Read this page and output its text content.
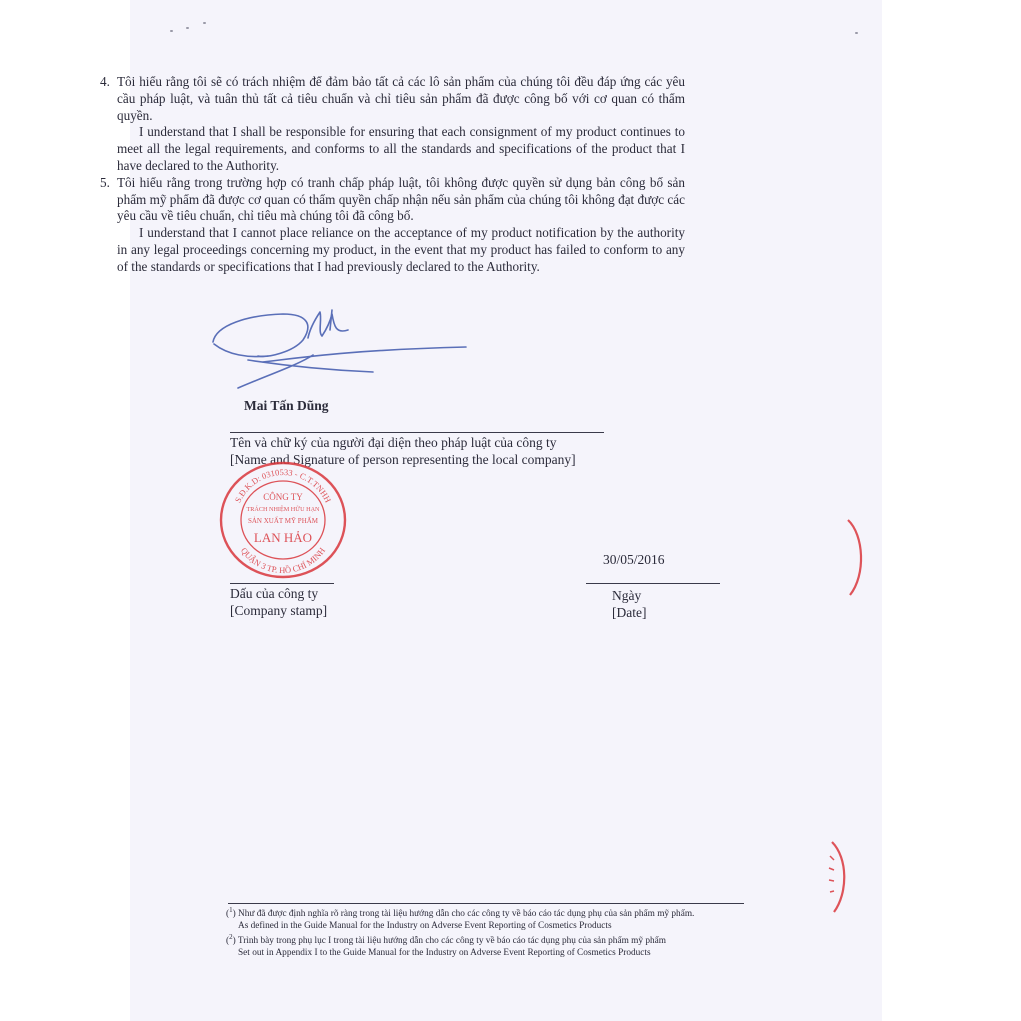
4. Tôi hiểu rằng tôi sẽ có trách nhiệm để đảm bảo tất cả các lô sản phẩm của chúng tôi đều đáp ứng các yêu cầu pháp luật, và tuân thủ tất cả tiêu chuẩn và chỉ tiêu sản phẩm đã được công bố với cơ quan có thẩm quyền.
I understand that I shall be responsible for ensuring that each consignment of my product continues to meet all the legal requirements, and conforms to all the standards and specifications of the product that I have declared to the Authority.
5. Tôi hiểu rằng trong trường hợp có tranh chấp pháp luật, tôi không được quyền sử dụng bản công bố sản phẩm mỹ phẩm đã được cơ quan có thẩm quyền chấp nhận nếu sản phẩm của chúng tôi không đạt được các yêu cầu về tiêu chuẩn, chỉ tiêu mà chúng tôi đã công bố.
I understand that I cannot place reliance on the acceptance of my product notification by the authority in any legal proceedings concerning my product, in the event that my product has failed to conform to any of the standards or specifications that I had previously declared to the Authority.
Mai Tấn Dũng
Tên và chữ ký của người đại diện theo pháp luật của công ty
[Name and Signature of person representing the local company]
S.Đ.K.D: 0310533 - C.T.TNHH
QUẬN 3 TP. HỒ CHÍ MINH
CÔNG TY
TRÁCH NHIỆM HỮU HẠN
SẢN XUẤT MỸ PHẨM
LAN HẢO
Dấu của công ty
[Company stamp]
30/05/2016
Ngày
[Date]
($^1$) Như đã được định nghĩa rõ ràng trong tài liệu hướng dẫn cho các công ty về báo cáo tác dụng phụ của sản phẩm mỹ phẩm.
As defined in the Guide Manual for the Industry on Adverse Event Reporting of Cosmetics Products
($^2$) Trình bày trong phụ lục I trong tài liệu hướng dẫn cho các công ty về báo cáo tác dụng phụ của sản phẩm mỹ phẩm
Set out in Appendix I to the Guide Manual for the Industry on Adverse Event Reporting of Cosmetics Products
